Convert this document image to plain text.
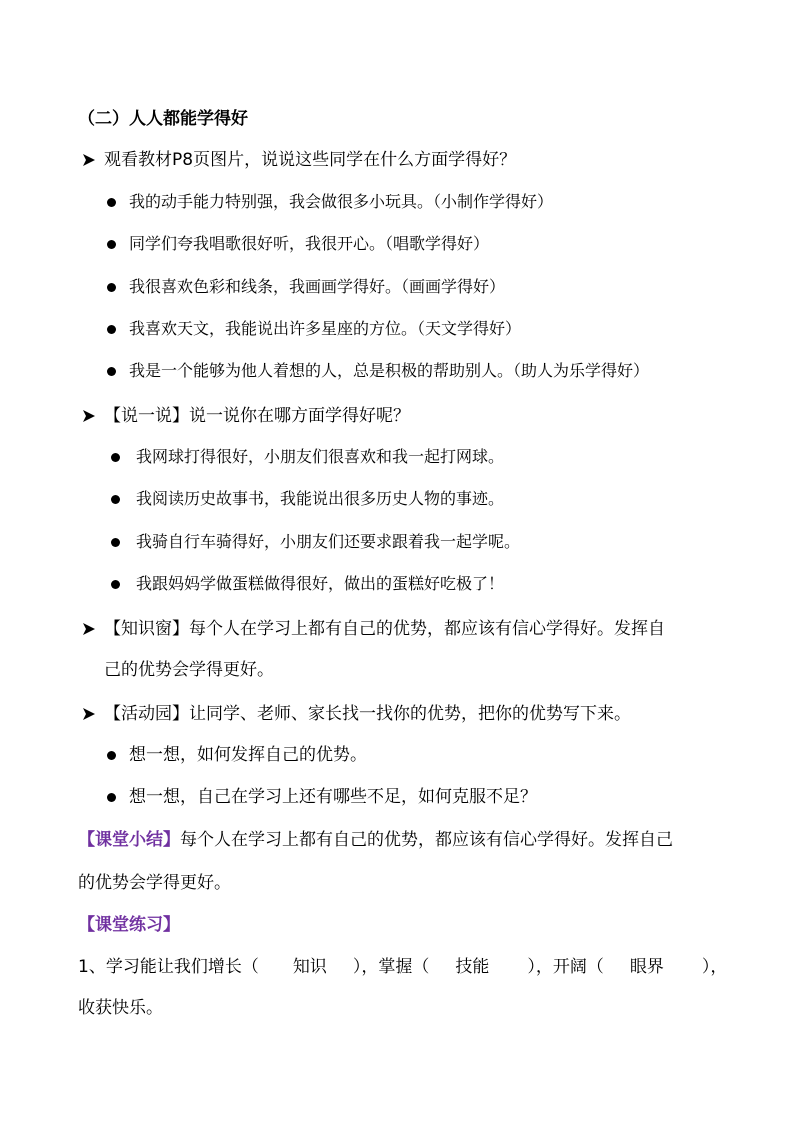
（二）人人都能学得好
观看教材P8页图片，说说这些同学在什么方面学得好？
我的动手能力特别强，我会做很多小玩具。（小制作学得好）
同学们夸我唱歌很好听，我很开心。（唱歌学得好）
我很喜欢色彩和线条，我画画学得好。（画画学得好）
我喜欢天文，我能说出许多星座的方位。（天文学得好）
我是一个能够为他人着想的人，总是积极的帮助别人。（助人为乐学得好）
【说一说】说一说你在哪方面学得好呢？
我网球打得很好，小朋友们很喜欢和我一起打网球。
我阅读历史故事书，我能说出很多历史人物的事迹。
我骑自行车骑得好，小朋友们还要求跟着我一起学呢。
我跟妈妈学做蛋糕做得很好，做出的蛋糕好吃极了！
【知识窗】每个人在学习上都有自己的优势，都应该有信心学得好。发挥自
己的优势会学得更好。
【活动园】让同学、老师、家长找一找你的优势，把你的优势写下来。
想一想，如何发挥自己的优势。
想一想，自己在学习上还有哪些不足，如何克服不足？
【课堂小结】每个人在学习上都有自己的优势，都应该有信心学得好。发挥自己
的优势会学得更好。
【课堂练习】
1、学习能让我们增长（ 知识 ），掌握（ 技能 ），开阔（ 眼界 ），
收获快乐。
